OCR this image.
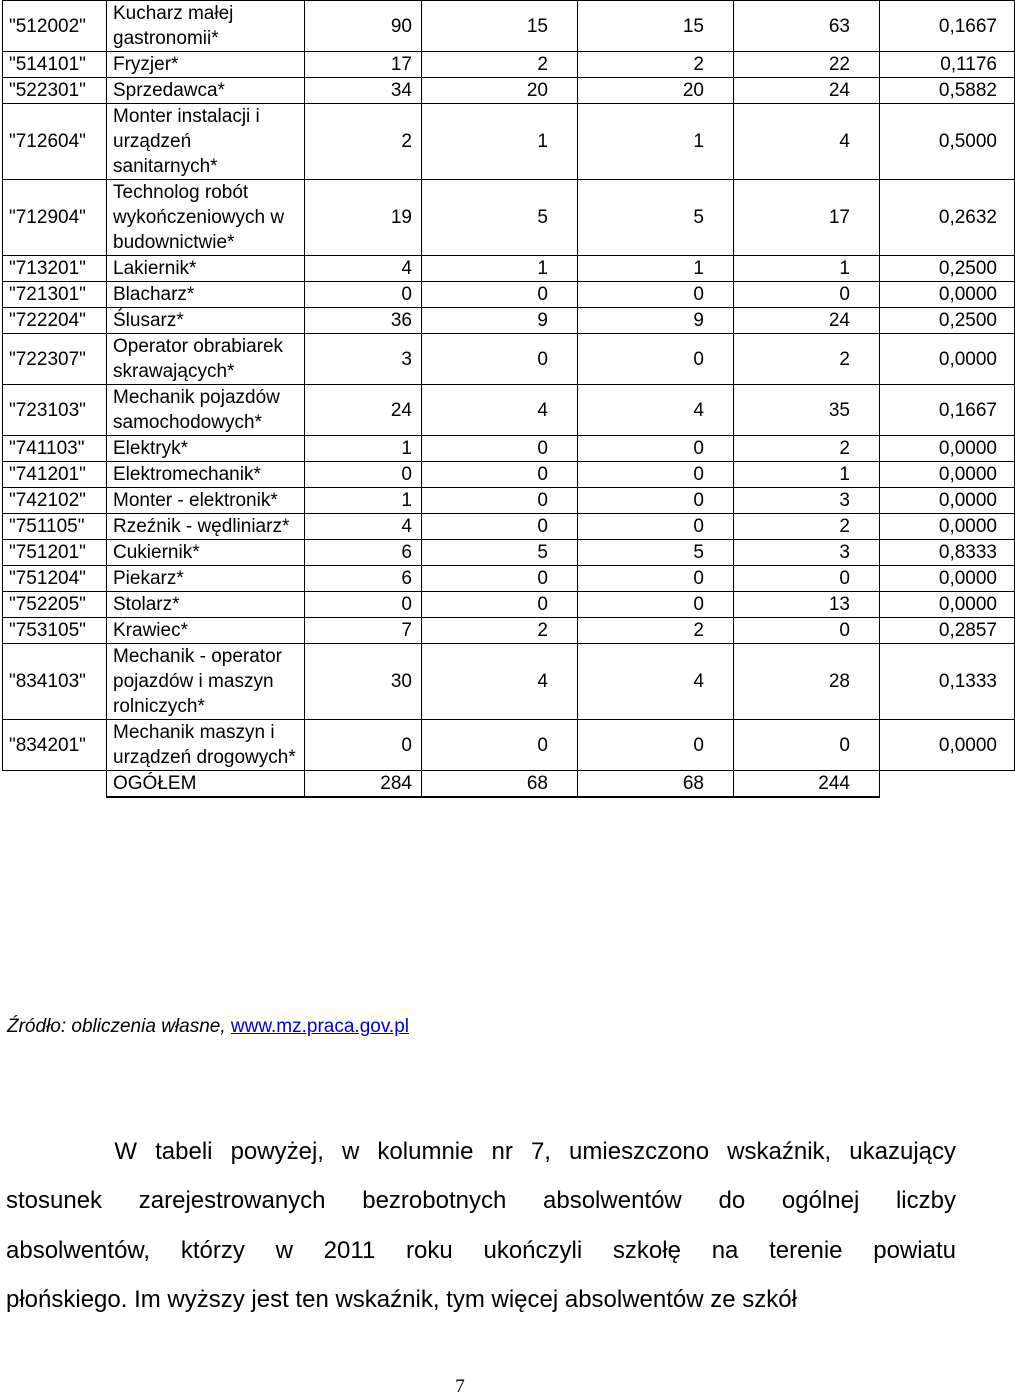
"512002"	Kucharz małej gastronomii*	90	15	15	63	0,1667
"514101"	Fryzjer*	17	2	2	22	0,1176
"522301"	Sprzedawca*	34	20	20	24	0,5882
"712604"	Monter instalacji i urządzeń sanitarnych*	2	1	1	4	0,5000
"712904"	Technolog robót wykończeniowych w budownictwie*	19	5	5	17	0,2632
"713201"	Lakiernik*	4	1	1	1	0,2500
"721301"	Blacharz*	0	0	0	0	0,0000
"722204"	Ślusarz*	36	9	9	24	0,2500
"722307"	Operator obrabiarek skrawających*	3	0	0	2	0,0000
"723103"	Mechanik pojazdów samochodowych*	24	4	4	35	0,1667
"741103"	Elektryk*	1	0	0	2	0,0000
"741201"	Elektromechanik*	0	0	0	1	0,0000
"742102"	Monter - elektronik*	1	0	0	3	0,0000
"751105"	Rzeźnik - wędliniarz*	4	0	0	2	0,0000
"751201"	Cukiernik*	6	5	5	3	0,8333
"751204"	Piekarz*	6	0	0	0	0,0000
"752205"	Stolarz*	0	0	0	13	0,0000
"753105"	Krawiec*	7	2	2	0	0,2857
"834103"	Mechanik - operator pojazdów i maszyn rolniczych*	30	4	4	28	0,1333
"834201"	Mechanik maszyn i urządzeń drogowych*	0	0	0	0	0,0000
	OGÓŁEM	284	68	68	244	
Źródło: obliczenia własne, www.mz.praca.gov.pl
W tabeli powyżej, w kolumnie nr 7, umieszczono wskaźnik, ukazujący
stosunek zarejestrowanych bezrobotnych absolwentów do ogólnej liczby
absolwentów, którzy w 2011 roku ukończyli szkołę na terenie powiatu
płońskiego. Im wyższy jest ten wskaźnik, tym więcej absolwentów ze szkół
7
